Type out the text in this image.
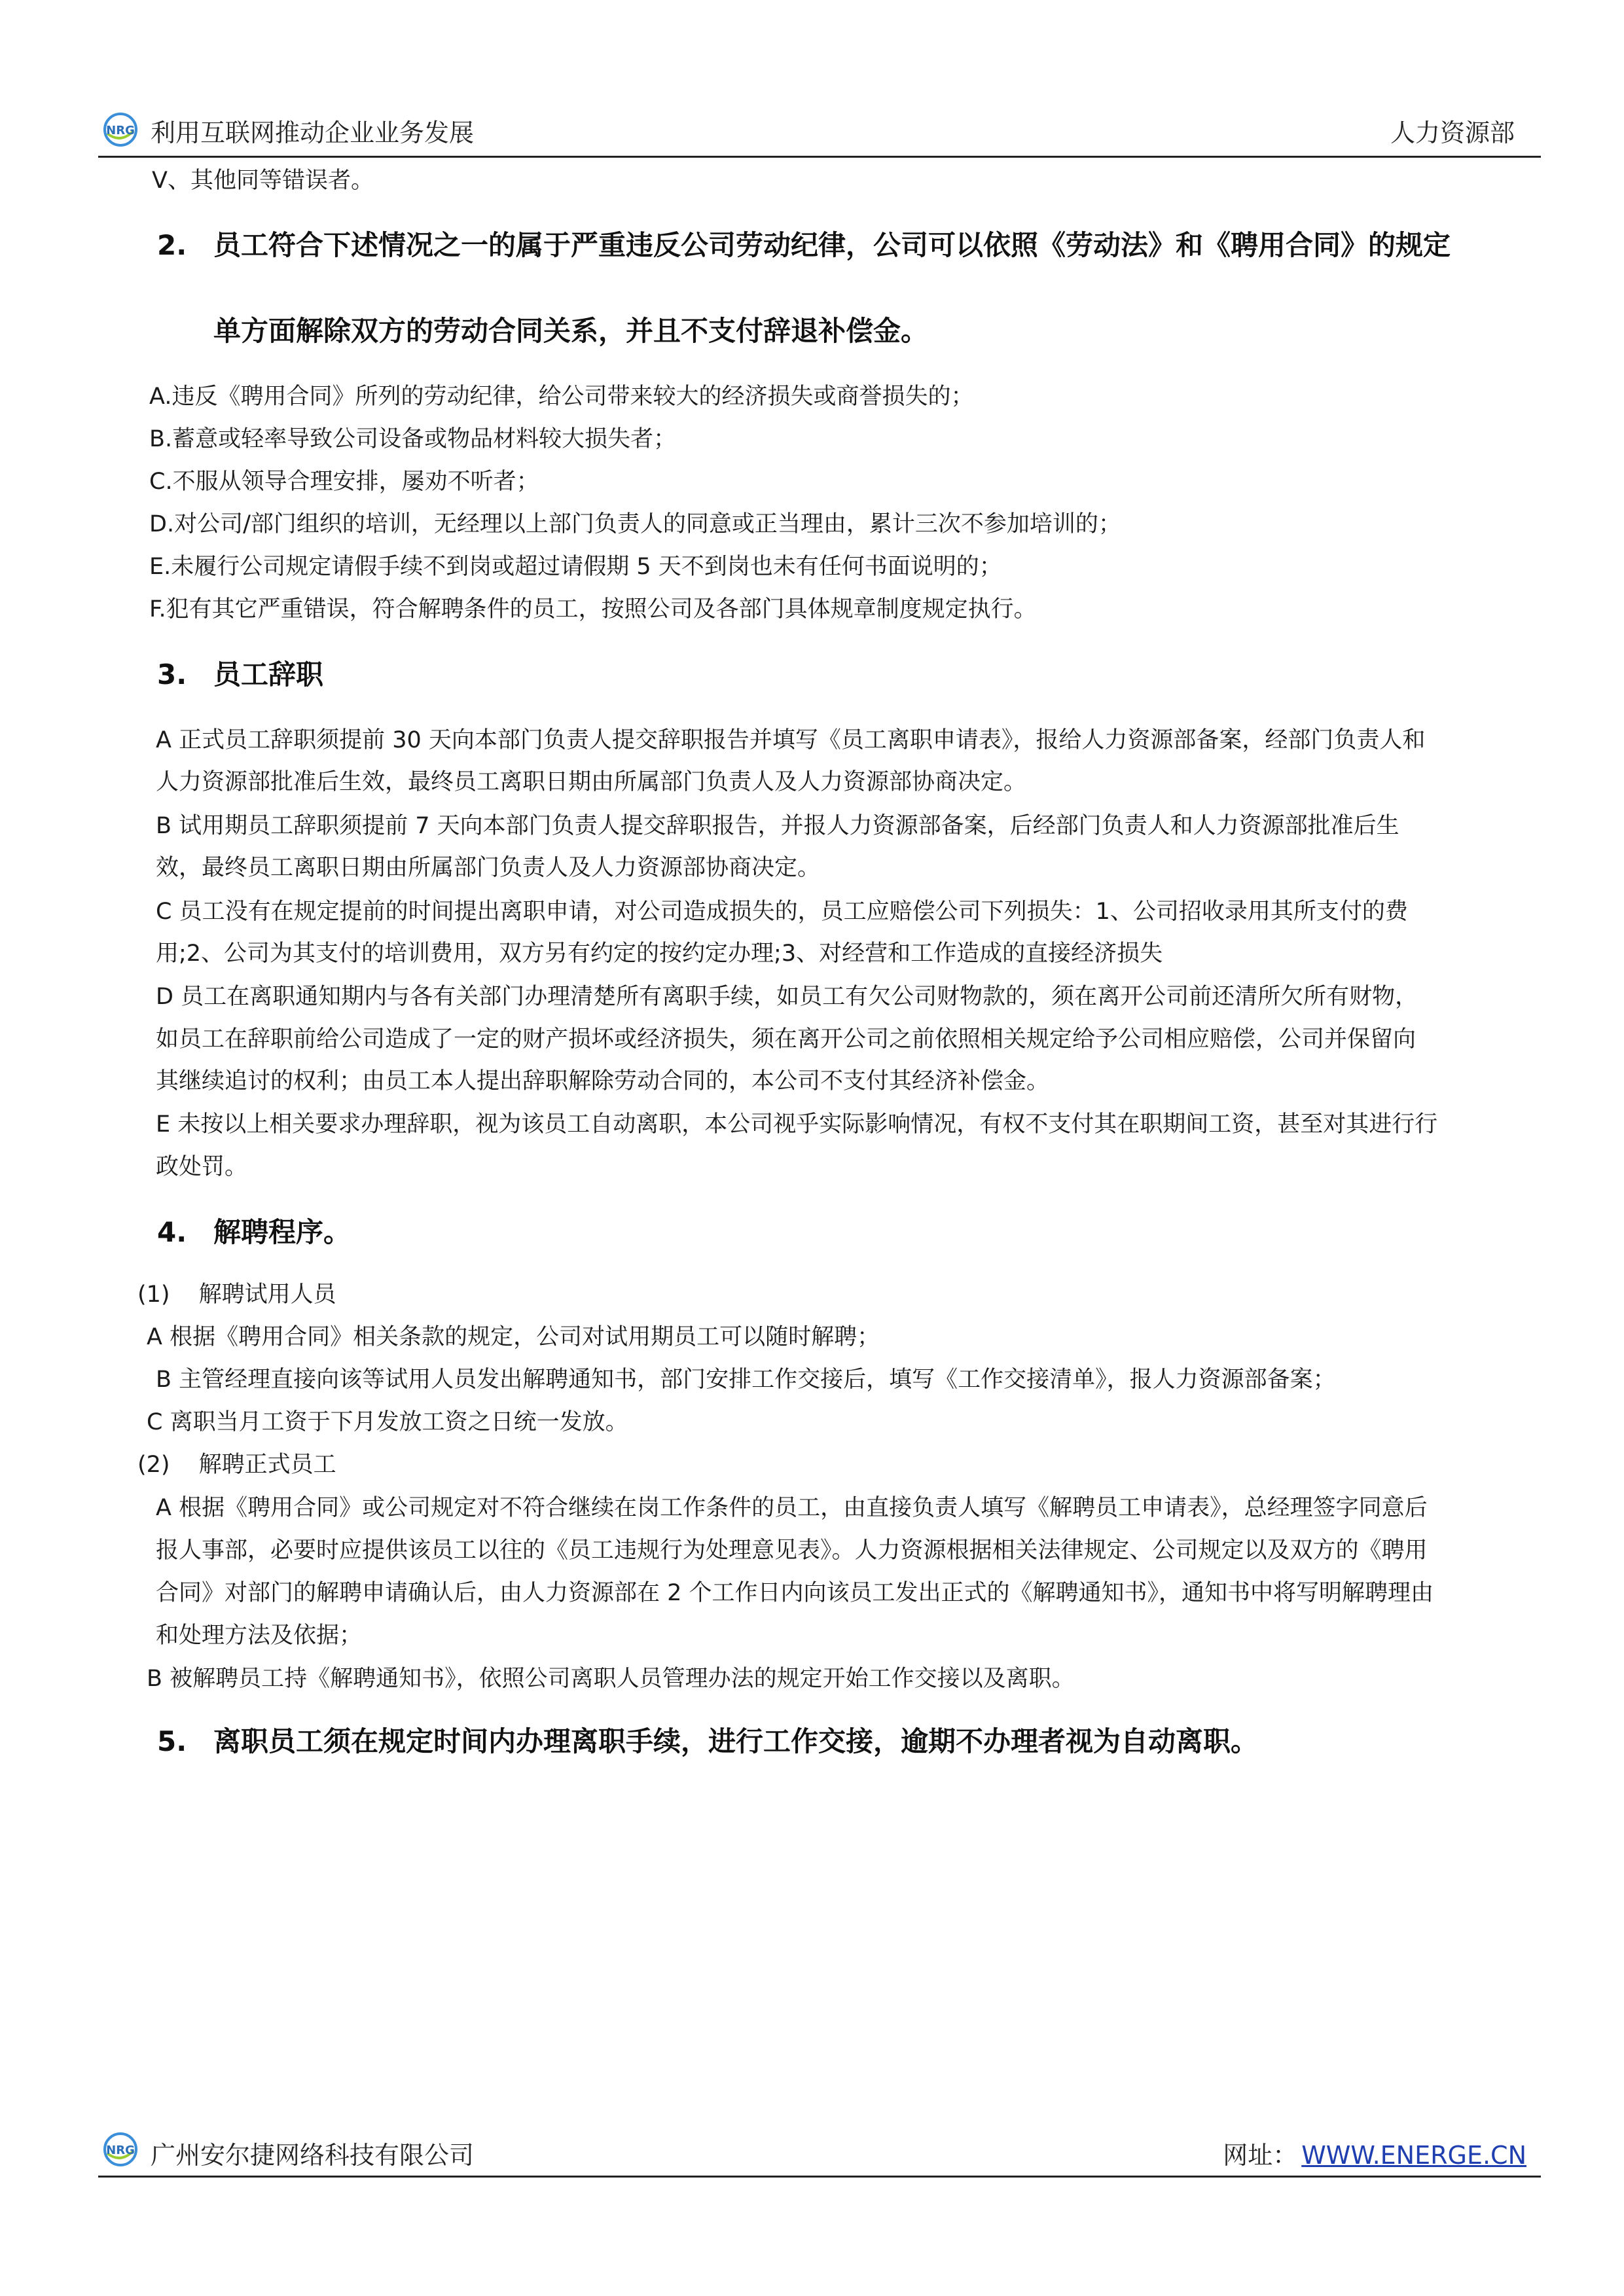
NRG 利用互联网推动企业业务发展	人力资源部
V、其他同等错误者。
2. 员工符合下述情况之一的属于严重违反公司劳动纪律，公司可以依照《劳动法》和《聘用合同》的规定
单方面解除双方的劳动合同关系，并且不支付辞退补偿金。
A.违反《聘用合同》所列的劳动纪律，给公司带来较大的经济损失或商誉损失的；
B.蓄意或轻率导致公司设备或物品材料较大损失者；
C.不服从领导合理安排，屡劝不听者；
D.对公司/部门组织的培训，无经理以上部门负责人的同意或正当理由，累计三次不参加培训的；
E.未履行公司规定请假手续不到岗或超过请假期 5 天不到岗也未有任何书面说明的；
F.犯有其它严重错误，符合解聘条件的员工，按照公司及各部门具体规章制度规定执行。
3. 员工辞职
A 正式员工辞职须提前 30 天向本部门负责人提交辞职报告并填写《员工离职申请表》，报给人力资源部备案，经部门负责人和
人力资源部批准后生效，最终员工离职日期由所属部门负责人及人力资源部协商决定。
B 试用期员工辞职须提前 7 天向本部门负责人提交辞职报告，并报人力资源部备案，后经部门负责人和人力资源部批准后生
效，最终员工离职日期由所属部门负责人及人力资源部协商决定。
C 员工没有在规定提前的时间提出离职申请，对公司造成损失的，员工应赔偿公司下列损失：1、公司招收录用其所支付的费
用;2、公司为其支付的培训费用，双方另有约定的按约定办理;3、对经营和工作造成的直接经济损失
D 员工在离职通知期内与各有关部门办理清楚所有离职手续，如员工有欠公司财物款的，须在离开公司前还清所欠所有财物，
如员工在辞职前给公司造成了一定的财产损坏或经济损失，须在离开公司之前依照相关规定给予公司相应赔偿，公司并保留向
其继续追讨的权利；由员工本人提出辞职解除劳动合同的，本公司不支付其经济补偿金。
E 未按以上相关要求办理辞职，视为该员工自动离职，本公司视乎实际影响情况，有权不支付其在职期间工资，甚至对其进行行
政处罚。
4. 解聘程序。
(1) 解聘试用人员
A 根据《聘用合同》相关条款的规定，公司对试用期员工可以随时解聘；
B 主管经理直接向该等试用人员发出解聘通知书，部门安排工作交接后，填写《工作交接清单》，报人力资源部备案；
C 离职当月工资于下月发放工资之日统一发放。
(2) 解聘正式员工
A 根据《聘用合同》或公司规定对不符合继续在岗工作条件的员工，由直接负责人填写《解聘员工申请表》，总经理签字同意后
报人事部，必要时应提供该员工以往的《员工违规行为处理意见表》。人力资源根据相关法律规定、公司规定以及双方的《聘用
合同》对部门的解聘申请确认后，由人力资源部在 2 个工作日内向该员工发出正式的《解聘通知书》，通知书中将写明解聘理由
和处理方法及依据；
B 被解聘员工持《解聘通知书》，依照公司离职人员管理办法的规定开始工作交接以及离职。
5. 离职员工须在规定时间内办理离职手续，进行工作交接，逾期不办理者视为自动离职。
NRG 广州安尔捷网络科技有限公司	网址： WWW.ENERGE.CN
